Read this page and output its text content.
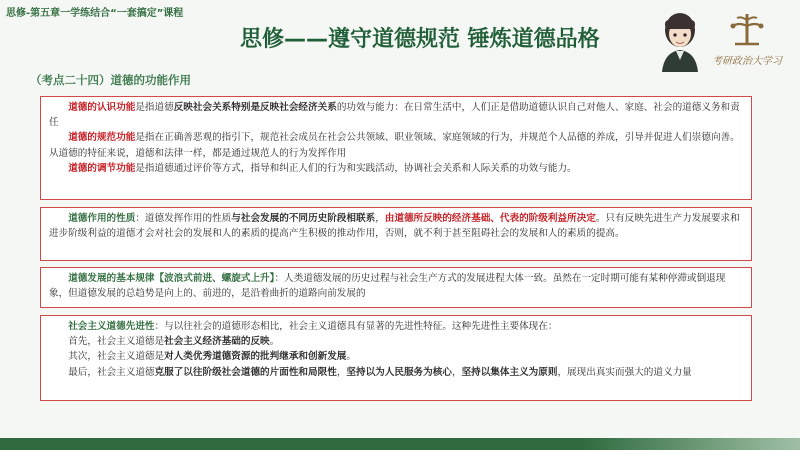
思修-第五章一学练结合“一套搞定”课程
思修——遵守道德规范 锤炼道德品格
考研政治大学习
（考点二十四）道德的功能作用

道德的认识功能是指道德反映社会关系特别是反映社会经济关系的功效与能力：在日常生活中，人们正是借助道德认识自己对他人、家庭、社会的道德义务和责任

道德的规范功能是指在正确善恶观的指引下，规范社会成员在社会公共领域、职业领域、家庭领域的行为，并规范个人品德的养成，引导并促进人们崇德向善。从道德的特征来说，道德和法律一样，都是通过规范人的行为发挥作用

道德的调节功能是指道德通过评价等方式，指导和纠正人们的行为和实践活动，协调社会关系和人际关系的功效与能力。

道德作用的性质：道德发挥作用的性质与社会发展的不同历史阶段相联系，由道德所反映的经济基础、代表的阶级利益所决定。只有反映先进生产力发展要求和进步阶级利益的道德才会对社会的发展和人的素质的提高产生积极的推动作用，否则，就不利于甚至阻碍社会的发展和人的素质的提高。

道德发展的基本规律【波浪式前进、螺旋式上升】：人类道德发展的历史过程与社会生产方式的发展进程大体一致。虽然在一定时期可能有某种停滞或倒退现象，但道德发展的总趋势是向上的、前进的，是沿着曲折的道路向前发展的

社会主义道德先进性：与以往社会的道德形态相比，社会主义道德具有显著的先进性特征。这种先进性主要体现在：

首先，社会主义道德是社会主义经济基础的反映。

其次，社会主义道德是对人类优秀道德资源的批判继承和创新发展。

最后，社会主义道德克服了以往阶级社会道德的片面性和局限性，坚持以为人民服务为核心，坚持以集体主义为原则，展现出真实而强大的道义力量
